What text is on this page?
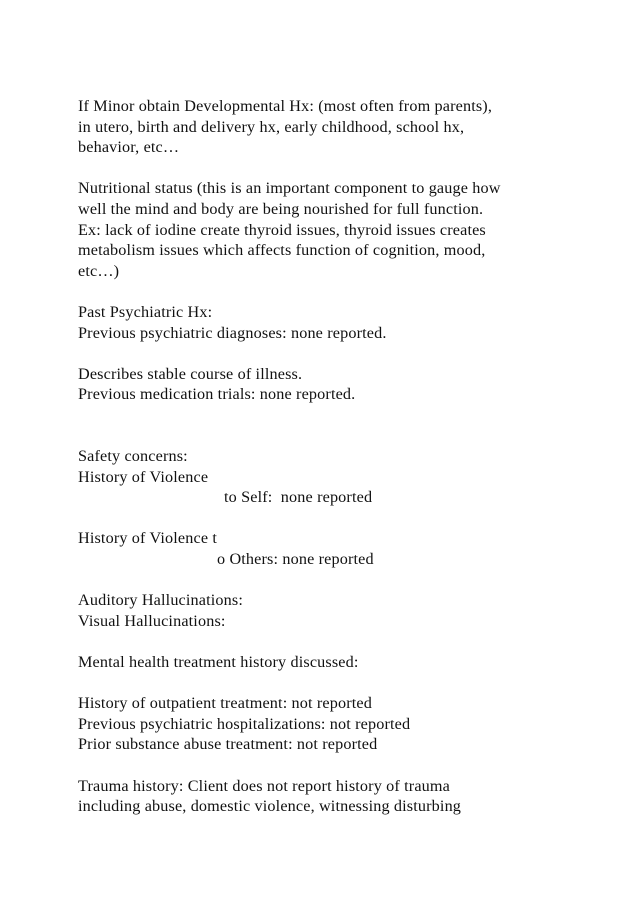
If Minor obtain Developmental Hx: (most often from parents),
in utero, birth and delivery hx, early childhood, school hx,
behavior, etc…
Nutritional status (this is an important component to gauge how
well the mind and body are being nourished for full function.
Ex: lack of iodine create thyroid issues, thyroid issues creates
metabolism issues which affects function of cognition, mood,
etc…)
Past Psychiatric Hx:
Previous psychiatric diagnoses: none reported.
Describes stable course of illness.
Previous medication trials: none reported.
Safety concerns:
History of Violence
to Self:  none reported
History of Violence t
o Others: none reported
Auditory Hallucinations:
Visual Hallucinations:
Mental health treatment history discussed:
History of outpatient treatment: not reported
Previous psychiatric hospitalizations: not reported
Prior substance abuse treatment: not reported
Trauma history: Client does not report history of trauma
including abuse, domestic violence, witnessing disturbing
